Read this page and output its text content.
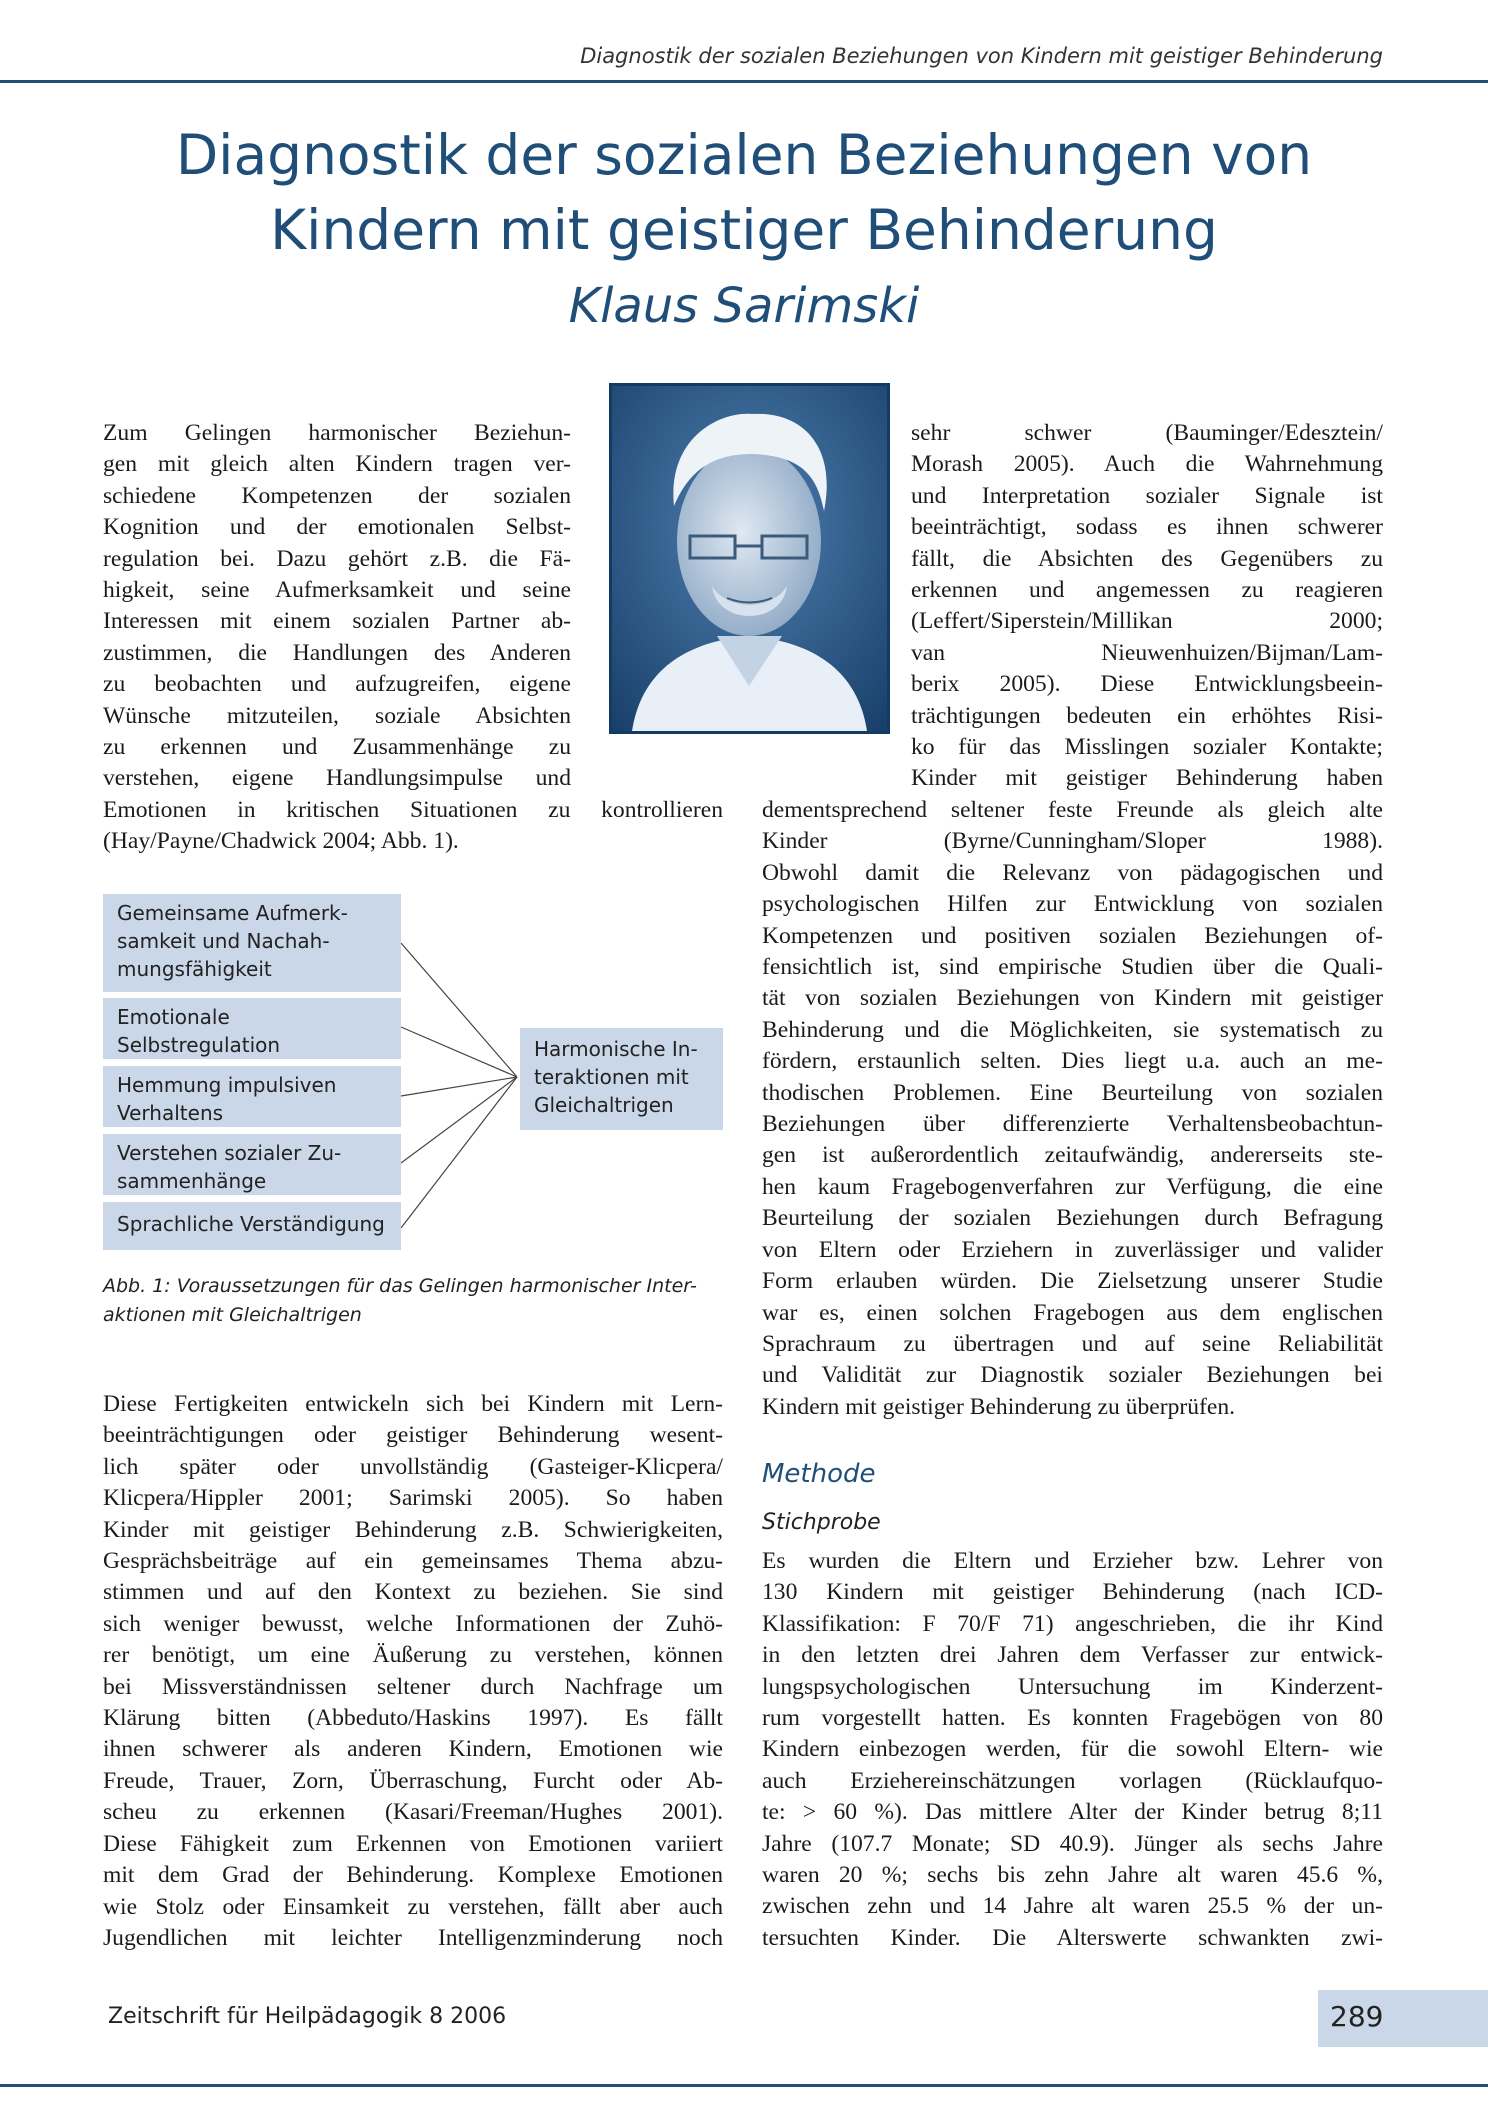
Diagnostik der sozialen Beziehungen von Kindern mit geistiger Behinderung
Diagnostik der sozialen Beziehungen von
Kindern mit geistiger Behinderung
Klaus Sarimski
Zum Gelingen harmonischer Beziehun-
gen mit gleich alten Kindern tragen ver-
schiedene Kompetenzen der sozialen
Kognition und der emotionalen Selbst-
regulation bei. Dazu gehört z.B. die Fä-
higkeit, seine Aufmerksamkeit und seine
Interessen mit einem sozialen Partner ab-
zustimmen, die Handlungen des Anderen
zu beobachten und aufzugreifen, eigene
Wünsche mitzuteilen, soziale Absichten
zu erkennen und Zusammenhänge zu
verstehen, eigene Handlungsimpulse und
Emotionen in kritischen Situationen zu kontrollieren
(Hay/Payne/Chadwick 2004; Abb. 1).
sehr schwer (Bauminger/Edesztein/
Morash 2005). Auch die Wahrnehmung
und Interpretation sozialer Signale ist
beeinträchtigt, sodass es ihnen schwerer
fällt, die Absichten des Gegenübers zu
erkennen und angemessen zu reagieren
(Leffert/Siperstein/Millikan 2000;
van Nieuwenhuizen/Bijman/Lam-
berix 2005). Diese Entwicklungsbeein-
trächtigungen bedeuten ein erhöhtes Risi-
ko für das Misslingen sozialer Kontakte;
Kinder mit geistiger Behinderung haben
dementsprechend seltener feste Freunde als gleich alte
Kinder (Byrne/Cunningham/Sloper 1988).
Obwohl damit die Relevanz von pädagogischen und
psychologischen Hilfen zur Entwicklung von sozialen
Kompetenzen und positiven sozialen Beziehungen of-
fensichtlich ist, sind empirische Studien über die Quali-
tät von sozialen Beziehungen von Kindern mit geistiger
Behinderung und die Möglichkeiten, sie systematisch zu
fördern, erstaunlich selten. Dies liegt u.a. auch an me-
thodischen Problemen. Eine Beurteilung von sozialen
Beziehungen über differenzierte Verhaltensbeobachtun-
gen ist außerordentlich zeitaufwändig, andererseits ste-
hen kaum Fragebogenverfahren zur Verfügung, die eine
Beurteilung der sozialen Beziehungen durch Befragung
von Eltern oder Erziehern in zuverlässiger und valider
Form erlauben würden. Die Zielsetzung unserer Studie
war es, einen solchen Fragebogen aus dem englischen
Sprachraum zu übertragen und auf seine Reliabilität
und Validität zur Diagnostik sozialer Beziehungen bei
Kindern mit geistiger Behinderung zu überprüfen.
Gemeinsame Aufmerk-
samkeit und Nachah-
mungsfähigkeit
Emotionale
Selbstregulation
Hemmung impulsiven
Verhaltens
Verstehen sozialer Zu-
sammenhänge
Sprachliche Verständigung
Harmonische In-
teraktionen mit
Gleichaltrigen
Abb. 1: Voraussetzungen für das Gelingen harmonischer Inter-
aktionen mit Gleichaltrigen
Diese Fertigkeiten entwickeln sich bei Kindern mit Lern-
beeinträchtigungen oder geistiger Behinderung wesent-
lich später oder unvollständig (Gasteiger-Klicpera/
Klicpera/Hippler 2001; Sarimski 2005). So haben
Kinder mit geistiger Behinderung z.B. Schwierigkeiten,
Gesprächsbeiträge auf ein gemeinsames Thema abzu-
stimmen und auf den Kontext zu beziehen. Sie sind
sich weniger bewusst, welche Informationen der Zuhö-
rer benötigt, um eine Äußerung zu verstehen, können
bei Missverständnissen seltener durch Nachfrage um
Klärung bitten (Abbeduto/Haskins 1997). Es fällt
ihnen schwerer als anderen Kindern, Emotionen wie
Freude, Trauer, Zorn, Überraschung, Furcht oder Ab-
scheu zu erkennen (Kasari/Freeman/Hughes 2001).
Diese Fähigkeit zum Erkennen von Emotionen variiert
mit dem Grad der Behinderung. Komplexe Emotionen
wie Stolz oder Einsamkeit zu verstehen, fällt aber auch
Jugendlichen mit leichter Intelligenzminderung noch
Methode
Stichprobe
Es wurden die Eltern und Erzieher bzw. Lehrer von
130 Kindern mit geistiger Behinderung (nach ICD-
Klassifikation: F 70/F 71) angeschrieben, die ihr Kind
in den letzten drei Jahren dem Verfasser zur entwick-
lungspsychologischen Untersuchung im Kinderzent-
rum vorgestellt hatten. Es konnten Fragebögen von 80
Kindern einbezogen werden, für die sowohl Eltern- wie
auch Erziehereinschätzungen vorlagen (Rücklaufquo-
te: > 60 %). Das mittlere Alter der Kinder betrug 8;11
Jahre (107.7 Monate; SD 40.9). Jünger als sechs Jahre
waren 20 %; sechs bis zehn Jahre alt waren 45.6 %,
zwischen zehn und 14 Jahre alt waren 25.5 % der un-
tersuchten Kinder. Die Alterswerte schwankten zwi-
Zeitschrift für Heilpädagogik 8 2006	289
